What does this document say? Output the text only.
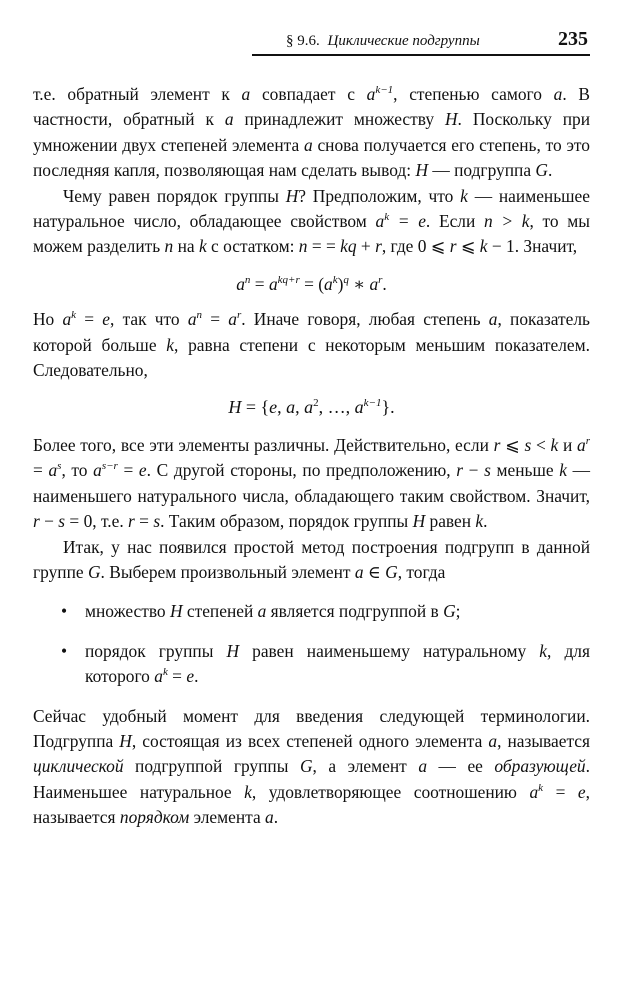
§ 9.6. Циклические подгруппы	235

т.е. обратный элемент к a совпадает с $a^{k-1}$, степенью самого a. В частности, обратный к a принадлежит множеству H. Поскольку при умножении двух степеней элемента a снова получается его степень, то это последняя капля, позволяющая нам сделать вывод: H — подгруппа G.

Чему равен порядок группы H? Предположим, что k — наименьшее натуральное число, обладающее свойством $a^k = e$. Если n > k, то мы можем разделить n на k с остатком: n = = kq + r, где 0 ⩽ r ⩽ k − 1. Значит,

$a^n = a^{kq+r} = (a^k)^q$ ∗ $a^r$.

Но $a^k = e$, так что $a^n = a^r$. Иначе говоря, любая степень a, показатель которой больше k, равна степени с некоторым меньшим показателем. Следовательно,

H = {e, a, $a^2$, …, $a^{k-1}$}.

Более того, все эти элементы различны. Действительно, если r ⩽ s < k и $a^r = a^s$, то $a^{s-r} = e$. С другой стороны, по предположению, r − s меньше k — наименьшего натурального числа, обладающего таким свойством. Значит, r − s = 0, т.е. r = s. Таким образом, порядок группы H равен k.

Итак, у нас появился простой метод построения подгрупп в данной группе G. Выберем произвольный элемент a ∈ G, тогда

• множество H степеней a является подгруппой в G;
• порядок группы H равен наименьшему натуральному k, для которого $a^k = e$.

Сейчас удобный момент для введения следующей терминологии. Подгруппа H, состоящая из всех степеней одного элемента a, называется циклической подгруппой группы G, а элемент a — ее образующей. Наименьшее натуральное k, удовлетворяющее соотношению $a^k = e$, называется порядком элемента a.
